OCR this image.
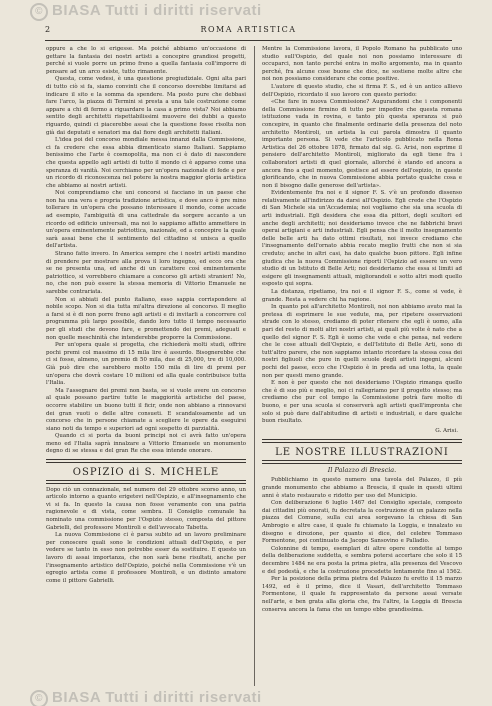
© BIASA Tutti i diritti riservati
2	ROMA ARTISTICA

oppure a che lo si erigesse. Ma poiché abbiamo un'occasione di gettare la fantasia dei nostri artisti a concepire grandiosi progetti, perché si vuole porre un primo freno a quella fantasia coll'imporre di pensare ad un arco esiste, tutto rimanente.

Questa, come vedesi, è una questione pregiudiziale. Ogni alta pari di tutto ciò si fa, siamo convinti che il concorso dovrebbe limitarsi ad indicare il sito e la somma da spendere. Ma posto pure che debbasi fare l'arco, la piazza di Termini si presta a una tale costruzione come appare a chi di fermo a riguardare la casa a primo vista? Noi abbiamo sentito degli architetti rispettabilissimi muovere dei dubbi a questo riguardo, quindi ci piacerebbe assai che la questione fosse risolta non già dai deputati e senatori ma dal fiore degli architetti italiani.

L'idea poi del concorso mondiale messa innanzi dalla Commissione, ci fa credere che essa abbia dimenticato siamo Italiani. Sappiamo benissimo che l'arte è cosmopolita, ma non ci è dato di nascondere che questa appello agli artisti di tutto il mondo ci è apparso come una speranza di vanità. Noi cerchiamo per un'opera nazionale di fede e per un ricordo di riconoscenza nel potere la nostra maggior gloria artistica che abbiamo ai nostri artisti.

Noi comprendiamo che uni concorsi si facciano in un paese che non ha una vera e propria tradizione artistica, e dove anco è pre mino tollerare in un'opera che possano interessare il mondo, come accade ad esempio, l'ambiguità di una cattedrale da sorgere accanto a un ricordo od edificio universali, ma noi lo sappiamo affatto ammettere in un'opera eminentemente patriottica, nazionale, ed a concepire la quale sarà assai bene che il sentimento del cittadino si unisca a quello dell'artista.

Strano fatto invero. In America sempre che i nostri artisti mandino di prendere per mostrare alla prova il loro ingegno, ed ecco ora che se ne presenta una, ed anche di un carattere così eminentemente patriottico, si vorrebbero chiamare a concorso gli artisti stranieri! No, no, che non può essere la stessa memoria di Vittorio Emanuele ne sarebbe contrariata.

Non si abbiati del punto italiano, esso sappia corrispondere al nobile scopo. Non si dia tutta mi'altra direzione al concorso. Il meglio a farsi si è di non porre freno agli artisti e di invitarli a concorrere col programma più largo possibile, dando loro tutto il tempo necessario per gli studi che devono fare, e promettendo dei premi, adeguati e non quelle meschinità che intenderebbe proporre la Commissione.

Per un'opera quale si progetta, che richiederà molti studi, offrire pochi premi col massimo di 15 mila lire è assurdo. Bisognerebbe che ci si fosse, almeno, un premio di 50 mila, due di 25,000, tre di 10,000. Già può dire che sarebbero molto 150 mila di lire di premi per un'opera che dovrà costare 10 milioni ed alla quale contribuisce tutta l'Italia.

Ma l'assegnare dei premi non basta, se si vuole avere un concorso al quale possano partire tutte le maggiorità artistiche del paese, occorre stabilire un buono tutti il ficir, onde non abbiano a rinnovarsi dei gran vuoti o delle altre consueti. E scandalosamente ad un concorso che in persone chiamate a scegliere le opere da eseguirsi siano noti da tempo e superiori ad ogni sospetto di parzialità.

Quando ci si porta da buoni principi noi ci avrà fatto un'opera meno ed l'Italia saprà innalzare a Vittorio Emanuele un monumento degno di se stessa e del gran Re che essa intende onorare.

OSPIZIO di S. MICHELE

Dopo ciò un connazionale, nel numero del 29 ottobre scorso anno, un articolo intorno a quanto erigetevi nell'Ospizio, e all'insegnamento che vi si fa. In questo la causa non fosse veramente con una patria ragionevole e di vista, come sembra. Il Consiglio comunale ha nominato una commissione per l'Ospizio stesso, composta del pittore Gabrielli, del professore Montiroli e dell'avvocato Tabetta.

La nuova Commissione ci è parsa subito ad un lavoro preliminare per conoscere quali sono le condizioni attuali dell'Ospizio, e per vedere se tanto in esso non potrebbe esser da sostituire. E questo un lavoro di assai importanza, che non sarà bene risultati, anche per l'insegnamento artistico dell'Ospizio, poiché nella Commissione v'è un egregio artista come il professore Montiroli, e un distinto amatore come il pittore Gabrielli.

Mentre la Commissione lavora, il Popolo Romano ha pubblicato uno studio sull'Ospizio, del quale noi non possiamo interessare di occuparci, non tanto perché entra in molto argomento, ma in quanto perché, fra alcune cose buone che dice, ne sostiene molte altre che noi non possiamo considerare che come positive.

L'autore di questo studio, che si firma F. S., ed è un antico allievo dell'Ospizio, ricordato il suo lavoro con questo periodo:

«Che fare in nuova Commissione? Augurandomi che i componenti della Commissione firmino di tutto per impedire che questa romana istituzione vada in rovina, e tanto più questa speranza si può concepire, in quanto che finalmente ordinarie della presenza del noto architetto Montiroli, un artista la cui parola dimostra il quanto importante persona. Si vede che l'articolo pubblicato nella Roma Artistica del 26 ottobre 1878, firmato dal sig. G. Arisi, non esprime il pensiero dell'architetto Montiroli, migliorato da egli tiene fra i collaboratori artisti di quel giornale, allorché è stando ed ancora a ancora fino a quel momento, gestisce ad essere dell'ospizio, in queste glorificando, che in nuova Commissione abbia portato qualche cosa e non il bisogno dalle generose dell'artista».

Evidentemente fra noi e il signor F. S. v'è un profondo dissenso relativamente all'indirizzo da darsi all'Ospizio. Egli crede che l'Ospizio di San Michele sia un'Accademia; noi vogliamo che sia una scuola di arti industriali. Egli desidera che essa dia pittori, degli scultori ed anche degli architetti; noi desideriamo invece che ne fabbrichi bravi operai artigiani e arti industriali. Egli pensa che il molto insegnamento delle belle arti ha dato ottimi risultati, noi invece crediamo che l'insegnamento dell'ornato abbia recato meglio frutti che non si sia creduto; anche in altri casi, ha dato qualche buon pittore. Egli infine giudica che la nuova Commissione riporti l'Ospizio ad essere un vero studio di un Istituto di Belle Arti; noi desideriamo che essa si limiti ad esigere gli insegnamenti attuali, migliorandoli e sotto altri modi quello esposto qui sopra.

La distanza, ripetiamo, tra noi e il signor F. S., come si vede, è grande. Resta a vedere chi ha ragione.

In quanto poi all'architetto Montiroli, noi non abbiamo avuto mai la pretesa di esprimere le sue vedute, ma, per ripetere osservazioni strade con lo stesso, crediamo di poter ritenere che egli è uomo, alla pari del resto di molti altri nostri artisti, ai quali più volte è nato che a quello del signor F. S. Egli è uomo che vede e che pensa, nel vedere che le cose attuali dell'Ospizio, e dell'Istituto di Belle Arti, sono di tutt'altro parere, che non sappiamo intanto ricordare la stessa cosa dei nostri figliuoli che pure in quelli scuole degli artisti ingegni, alcuni pochi del paese, ecco che l'Ospizio è in preda ad una lotta, la quale non per questi meno grande.

E non è per questo che noi desideriamo l'Ospizio rimanga quello che è di suo più e meglio, noi ci rallegriamo per il progetto stesso; ma crediamo che pur col tempo la Commissione potrà fare molto di buono, e per una scuola si conserverà agli artisti quell'impronta che solo si può dare dall'abitudine di artisti e industriali, e dare qualche buon risultato.

G. Arisi.
LE NOSTRE ILLUSTRAZIONI
Il Palazzo di Brescia.

Pubblichiamo in questo numero una tavola del Palazzo, il più grande monumento che abbiamo a Brescia, il quale in questi ultimi anni è stato restaurato e ridotto per uso del Municipio.

Con deliberazione 6 luglio 1467 del Consiglio speciale, composto dai cittadini più onorati, fu decretata la costruzione di un palazzo nella piazza del Comune, sulla cui area sorgevano la chiesa di San Ambrogio e altre case, il quale fu chiamato la Loggia, e innalzato su disegno e direzione, per quanto si dice, del celebre Tommaso Formentone, poi continuato da Jacopo Sansovino e Palladio.

Colonnine di tempo, esemplari di altre opere condotte al tempo della deliberazione suddetta, e sembra potersi accertare che solo il 15 decembre 1484 ne era posta la prima pietra, alla presenza del Vescovo e del podestà, e che la costruzione procedette lentamente fino al 1562.

Per la posizione della prima pietra del Palazzo fu eretto il 15 marzo 1492, ed è il primo, dice il Vasari, dell'architetto Tommaso Formentone, il quale fu rappresentato da persone assai versate nell'arte, e ben grata alla gloria che, fra l'altre, la Loggia di Brescia conserva ancora la fama che un tempo ebbe grandissima.

© BIASA Tutti i diritti riservati
